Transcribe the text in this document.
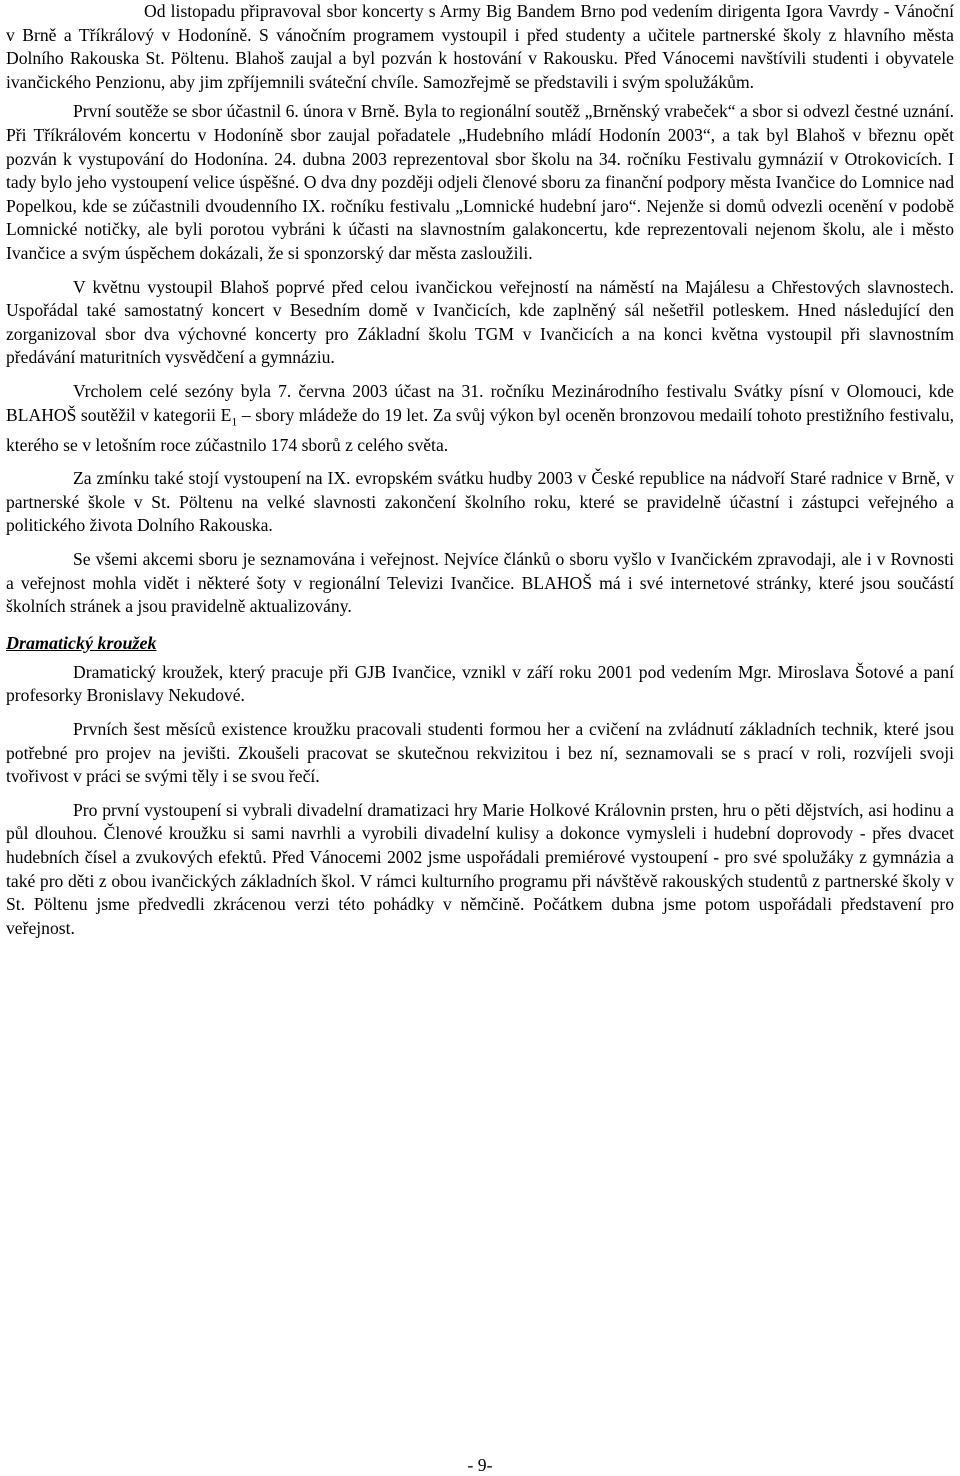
Od listopadu připravoval sbor koncerty s Army Big Bandem Brno pod vedením dirigenta Igora Vavrdy - Vánoční v Brně a Tříkrálový v Hodoníně. S vánočním programem vystoupil i před studenty a učitele partnerské školy z hlavního města Dolního Rakouska St. Pöltenu. Blahoš zaujal a byl pozván k hostování v Rakousku. Před Vánocemi navštívili studenti i obyvatele ivančického Penzionu, aby jim zpříjemnili sváteční chvíle. Samozřejmě se představili i svým spolužákům.

První soutěže se sbor účastnil 6. února v Brně. Byla to regionální soutěž „Brněnský vrabeček“ a sbor si odvezl čestné uznání. Při Tříkrálovém koncertu v Hodoníně sbor zaujal pořadatele „Hudebního mládí Hodonín 2003“, a tak byl Blahoš v březnu opět pozván k vystupování do Hodonína. 24. dubna 2003 reprezentoval sbor školu na 34. ročníku Festivalu gymnázií v Otrokovicích. I tady bylo jeho vystoupení velice úspěšné. O dva dny později odjeli členové sboru za finanční podpory města Ivančice do Lomnice nad Popelkou, kde se zúčastnili dvoudenního IX. ročníku festivalu „Lomnické hudební jaro“. Nejenže si domů odvezli ocenění v podobě Lomnické notičky, ale byli porotou vybráni k účasti na slavnostním galakoncertu, kde reprezentovali nejenom školu, ale i město Ivančice a svým úspěchem dokázali, že si sponzorský dar města zasloužili.

V květnu vystoupil Blahoš poprvé před celou ivančickou veřejností na náměstí na Majálesu a Chřestových slavnostech. Uspořádal také samostatný koncert v Besedním domě v Ivančicích, kde zaplněný sál nešetřil potleskem. Hned následující den zorganizoval sbor dva výchovné koncerty pro Základní školu TGM v Ivančicích a na konci května vystoupil při slavnostním předávání maturitních vysvědčení a gymnáziu.

Vrcholem celé sezóny byla 7. června 2003 účast na 31. ročníku Mezinárodního festivalu Svátky písní v Olomouci, kde BLAHOŠ soutěžil v kategorii $E_1$ – sbory mládeže do 19 let. Za svůj výkon byl oceněn bronzovou medailí tohoto prestižního festivalu, kterého se v letošním roce zúčastnilo 174 sborů z celého světa.

Za zmínku také stojí vystoupení na IX. evropském svátku hudby 2003 v České republice na nádvoří Staré radnice v Brně, v partnerské škole v St. Pöltenu na velké slavnosti zakončení školního roku, které se pravidelně účastní i zástupci veřejného a politického života Dolního Rakouska.

Se všemi akcemi sboru je seznamována i veřejnost. Nejvíce článků o sboru vyšlo v Ivančickém zpravodaji, ale i v Rovnosti a veřejnost mohla vidět i některé šoty v regionální Televizi Ivančice. BLAHOŠ má i své internetové stránky, které jsou součástí školních stránek a jsou pravidelně aktualizovány.

Dramatický kroužek

Dramatický kroužek, který pracuje při GJB Ivančice, vznikl v září roku 2001 pod vedením Mgr. Miroslava Šotové a paní profesorky Bronislavy Nekudové.

Prvních šest měsíců existence kroužku pracovali studenti formou her a cvičení na zvládnutí základních technik, které jsou potřebné pro projev na jevišti. Zkoušeli pracovat se skutečnou rekvizitou i bez ní, seznamovali se s prací v roli, rozvíjeli svoji tvořivost v práci se svými těly i se svou řečí.

Pro první vystoupení si vybrali divadelní dramatizaci hry Marie Holkové Královnin prsten, hru o pěti dějstvích, asi hodinu a půl dlouhou. Členové kroužku si sami navrhli a vyrobili divadelní kulisy a dokonce vymysleli i hudební doprovody - přes dvacet hudebních čísel a zvukových efektů. Před Vánocemi 2002 jsme uspořádali premiérové vystoupení - pro své spolužáky z gymnázia a také pro děti z obou ivančických základních škol. V rámci kulturního programu při návštěvě rakouských studentů z partnerské školy v St. Pöltenu jsme předvedli zkrácenou verzi této pohádky v němčině. Počátkem dubna jsme potom uspořádali představení pro veřejnost.

- 9-
